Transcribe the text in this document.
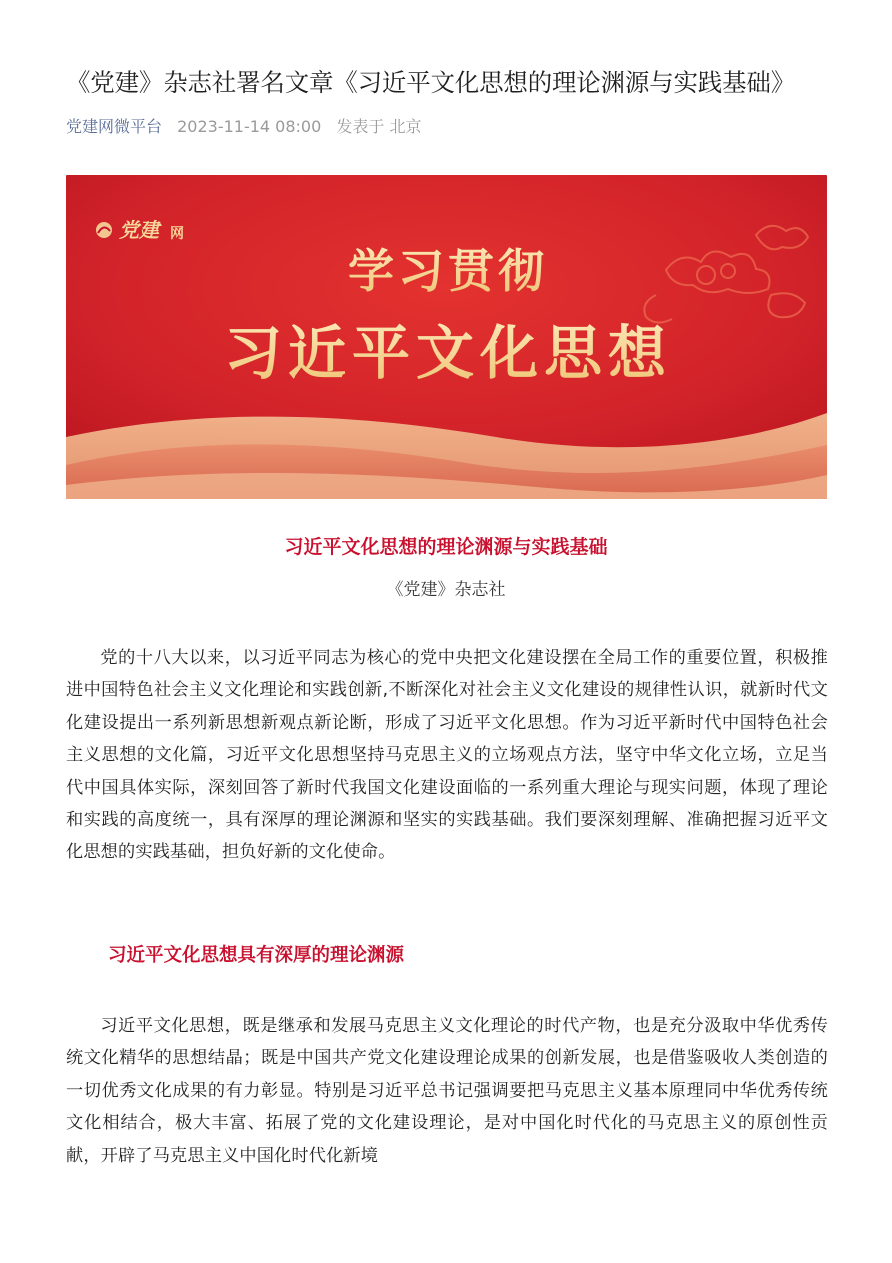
《党建》杂志社署名文章《习近平文化思想的理论渊源与实践基础》
党建网微平台 2023-11-14 08:00 发表于 北京
党建 网
学习贯彻
习近平文化思想
习近平文化思想的理论渊源与实践基础
《党建》杂志社

党的十八大以来，以习近平同志为核心的党中央把文化建设摆在全局工作的重要位置，积极推进中国特色社会主义文化理论和实践创新,不断深化对社会主义文化建设的规律性认识，就新时代文化建设提出一系列新思想新观点新论断，形成了习近平文化思想。作为习近平新时代中国特色社会主义思想的文化篇，习近平文化思想坚持马克思主义的立场观点方法，坚守中华文化立场，立足当代中国具体实际，深刻回答了新时代我国文化建设面临的一系列重大理论与现实问题，体现了理论和实践的高度统一，具有深厚的理论渊源和坚实的实践基础。我们要深刻理解、准确把握习近平文化思想的实践基础，担负好新的文化使命。

习近平文化思想具有深厚的理论渊源

习近平文化思想，既是继承和发展马克思主义文化理论的时代产物，也是充分汲取中华优秀传统文化精华的思想结晶；既是中国共产党文化建设理论成果的创新发展，也是借鉴吸收人类创造的一切优秀文化成果的有力彰显。特别是习近平总书记强调要把马克思主义基本原理同中华优秀传统文化相结合，极大丰富、拓展了党的文化建设理论，是对中国化时代化的马克思主义的原创性贡献，开辟了马克思主义中国化时代化新境
